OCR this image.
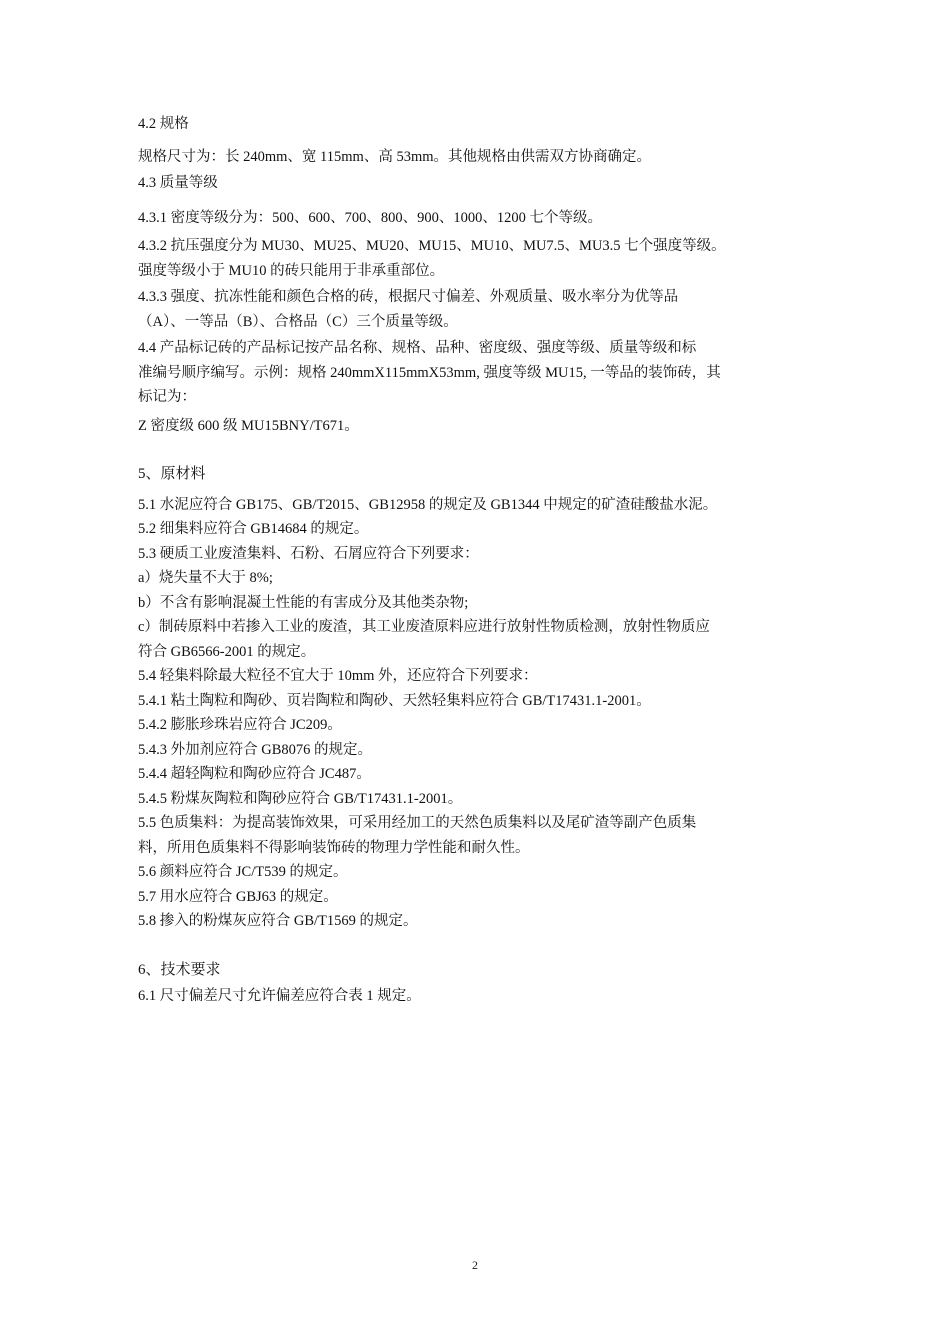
4.2 规格
规格尺寸为：长 240mm、宽 115mm、高 53mm。其他规格由供需双方协商确定。
4.3 质量等级
4.3.1 密度等级分为：500、600、700、800、900、1000、1200 七个等级。
4.3.2 抗压强度分为 MU30、MU25、MU20、MU15、MU10、MU7.5、MU3.5 七个强度等级。
强度等级小于 MU10 的砖只能用于非承重部位。
4.3.3 强度、抗冻性能和颜色合格的砖，根据尺寸偏差、外观质量、吸水率分为优等品
（A）、一等品（B）、合格品（C）三个质量等级。
4.4 产品标记砖的产品标记按产品名称、规格、品种、密度级、强度等级、质量等级和标
准编号顺序编写。示例：规格 240mmX115mmX53mm, 强度等级 MU15, 一等品的装饰砖，其
标记为：
Z 密度级 600 级 MU15BNY/T671。
5、原材料
5.1 水泥应符合 GB175、GB/T2015、GB12958 的规定及 GB1344 中规定的矿渣硅酸盐水泥。
5.2 细集料应符合 GB14684 的规定。
5.3 硬质工业废渣集料、石粉、石屑应符合下列要求：
a）烧失量不大于 8%;
b）不含有影响混凝土性能的有害成分及其他类杂物;
c）制砖原料中若掺入工业的废渣，其工业废渣原料应进行放射性物质检测，放射性物质应
符合 GB6566-2001 的规定。
5.4 轻集料除最大粒径不宜大于 10mm 外，还应符合下列要求：
5.4.1 粘土陶粒和陶砂、页岩陶粒和陶砂、天然轻集料应符合 GB/T17431.1-2001。
5.4.2 膨胀珍珠岩应符合 JC209。
5.4.3 外加剂应符合 GB8076 的规定。
5.4.4 超轻陶粒和陶砂应符合 JC487。
5.4.5 粉煤灰陶粒和陶砂应符合 GB/T17431.1-2001。
5.5 色质集料：为提高装饰效果，可采用经加工的天然色质集料以及尾矿渣等副产色质集
料，所用色质集料不得影响装饰砖的物理力学性能和耐久性。
5.6 颜料应符合 JC/T539 的规定。
5.7 用水应符合 GBJ63 的规定。
5.8 掺入的粉煤灰应符合 GB/T1569 的规定。
6、技术要求
6.1 尺寸偏差尺寸允许偏差应符合表 1 规定。
2
